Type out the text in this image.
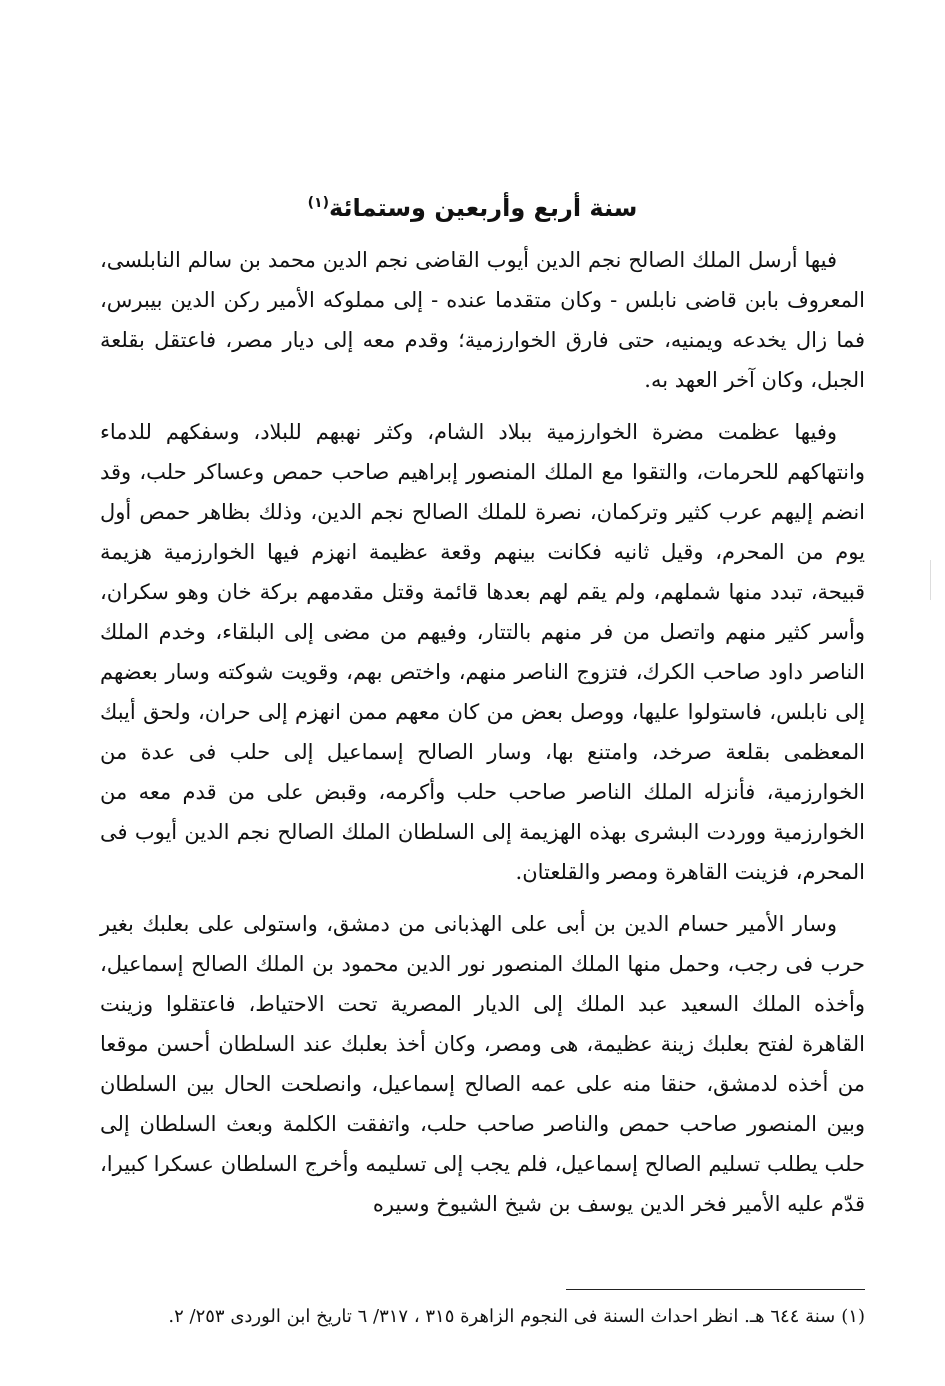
سنة أربع وأربعين وستمائة$^{(١)}$

فيها أرسل الملك الصالح نجم الدين أيوب القاضى نجم الدين محمد بن سالم النابلسى، المعروف بابن قاضى نابلس - وكان متقدما عنده - إلى مملوكه الأمير ركن الدين بيبرس، فما زال يخدعه ويمنيه، حتى فارق الخوارزمية؛ وقدم معه إلى ديار مصر، فاعتقل بقلعة الجبل، وكان آخر العهد به.

وفيها عظمت مضرة الخوارزمية ببلاد الشام، وكثر نهبهم للبلاد، وسفكهم للدماء وانتهاكهم للحرمات، والتقوا مع الملك المنصور إبراهيم صاحب حمص وعساكر حلب، وقد انضم إليهم عرب كثير وتركمان، نصرة للملك الصالح نجم الدين، وذلك بظاهر حمص أول يوم من المحرم، وقيل ثانيه فكانت بينهم وقعة عظيمة انهزم فيها الخوارزمية هزيمة قبيحة، تبدد منها شملهم، ولم يقم لهم بعدها قائمة وقتل مقدمهم بركة خان وهو سكران، وأسر كثير منهم واتصل من فر منهم بالتتار، وفيهم من مضى إلى البلقاء، وخدم الملك الناصر داود صاحب الكرك، فتزوج الناصر منهم، واختص بهم، وقويت شوكته وسار بعضهم إلى نابلس، فاستولوا عليها، ووصل بعض من كان معهم ممن انهزم إلى حران، ولحق أيبك المعظمى بقلعة صرخد، وامتنع بها، وسار الصالح إسماعيل إلى حلب فى عدة من الخوارزمية، فأنزله الملك الناصر صاحب حلب وأكرمه، وقبض على من قدم معه من الخوارزمية ووردت البشرى بهذه الهزيمة إلى السلطان الملك الصالح نجم الدين أيوب فى المحرم، فزينت القاهرة ومصر والقلعتان.

وسار الأمير حسام الدين بن أبى على الهذبانى من دمشق، واستولى على بعلبك بغير حرب فى رجب، وحمل منها الملك المنصور نور الدين محمود بن الملك الصالح إسماعيل، وأخذه الملك السعيد عبد الملك إلى الديار المصرية تحت الاحتياط، فاعتقلوا وزينت القاهرة لفتح بعلبك زينة عظيمة، هى ومصر، وكان أخذ بعلبك عند السلطان أحسن موقعا من أخذه لدمشق، حنقا منه على عمه الصالح إسماعيل، وانصلحت الحال بين السلطان وبين المنصور صاحب حمص والناصر صاحب حلب، واتفقت الكلمة وبعث السلطان إلى حلب يطلب تسليم الصالح إسماعيل، فلم يجب إلى تسليمه وأخرج السلطان عسكرا كبيرا، قدّم عليه الأمير فخر الدين يوسف بن شيخ الشيوخ وسيره

(١)سنة ٦٤٤ هـ. انظر احداث السنة فى النجوم الزاهرة ٣١٥ ، ٣١٧/ ٦ تاريخ ابن الوردى ٢٥٣/ ٢.
